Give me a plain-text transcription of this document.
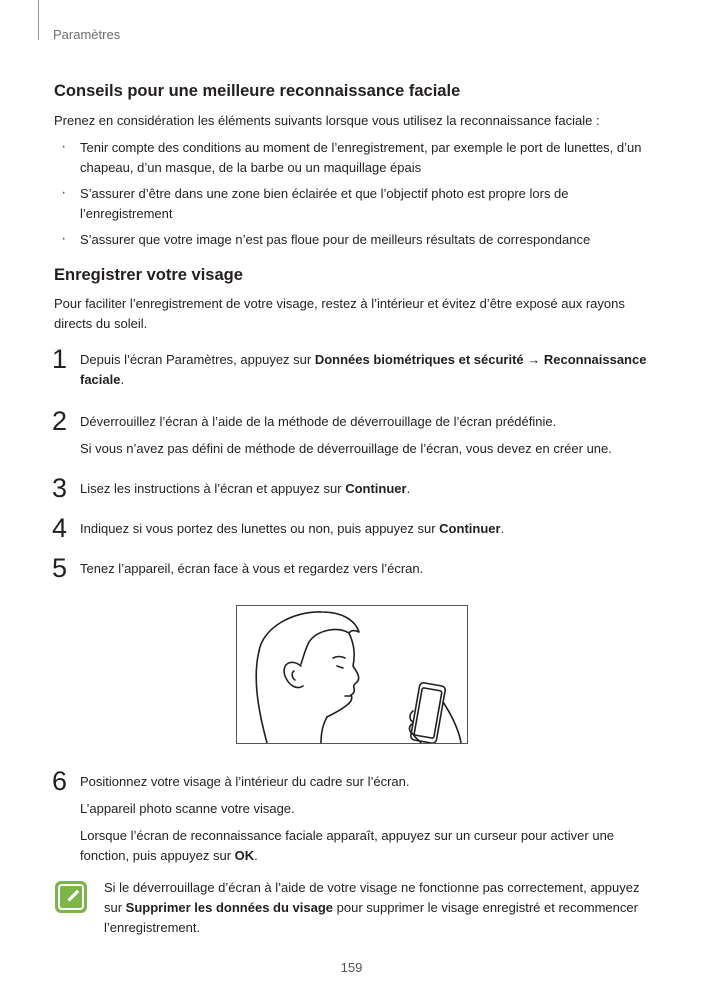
Paramètres
Conseils pour une meilleure reconnaissance faciale

Prenez en considération les éléments suivants lorsque vous utilisez la reconnaissance faciale :

· Tenir compte des conditions au moment de l’enregistrement, par exemple le port de lunettes, d’un chapeau, d’un masque, de la barbe ou un maquillage épais
· S’assurer d’être dans une zone bien éclairée et que l’objectif photo est propre lors de l’enregistrement
· S’assurer que votre image n’est pas floue pour de meilleurs résultats de correspondance
Enregistrer votre visage

Pour faciliter l’enregistrement de votre visage, restez à l’intérieur et évitez d’être exposé aux rayons directs du soleil.

1 Depuis l’écran Paramètres, appuyez sur Données biométriques et sécurité → Reconnaissance faciale.

2 Déverrouillez l’écran à l’aide de la méthode de déverrouillage de l’écran prédéfinie.

Si vous n’avez pas défini de méthode de déverrouillage de l’écran, vous devez en créer une.

3 Lisez les instructions à l’écran et appuyez sur Continuer.

4 Indiquez si vous portez des lunettes ou non, puis appuyez sur Continuer.

5 Tenez l’appareil, écran face à vous et regardez vers l’écran.

6 Positionnez votre visage à l’intérieur du cadre sur l’écran.

L’appareil photo scanne votre visage.

Lorsque l’écran de reconnaissance faciale apparaît, appuyez sur un curseur pour activer une fonction, puis appuyez sur OK.

Si le déverrouillage d’écran à l’aide de votre visage ne fonctionne pas correctement, appuyez sur Supprimer les données du visage pour supprimer le visage enregistré et recommencer l’enregistrement.

159
